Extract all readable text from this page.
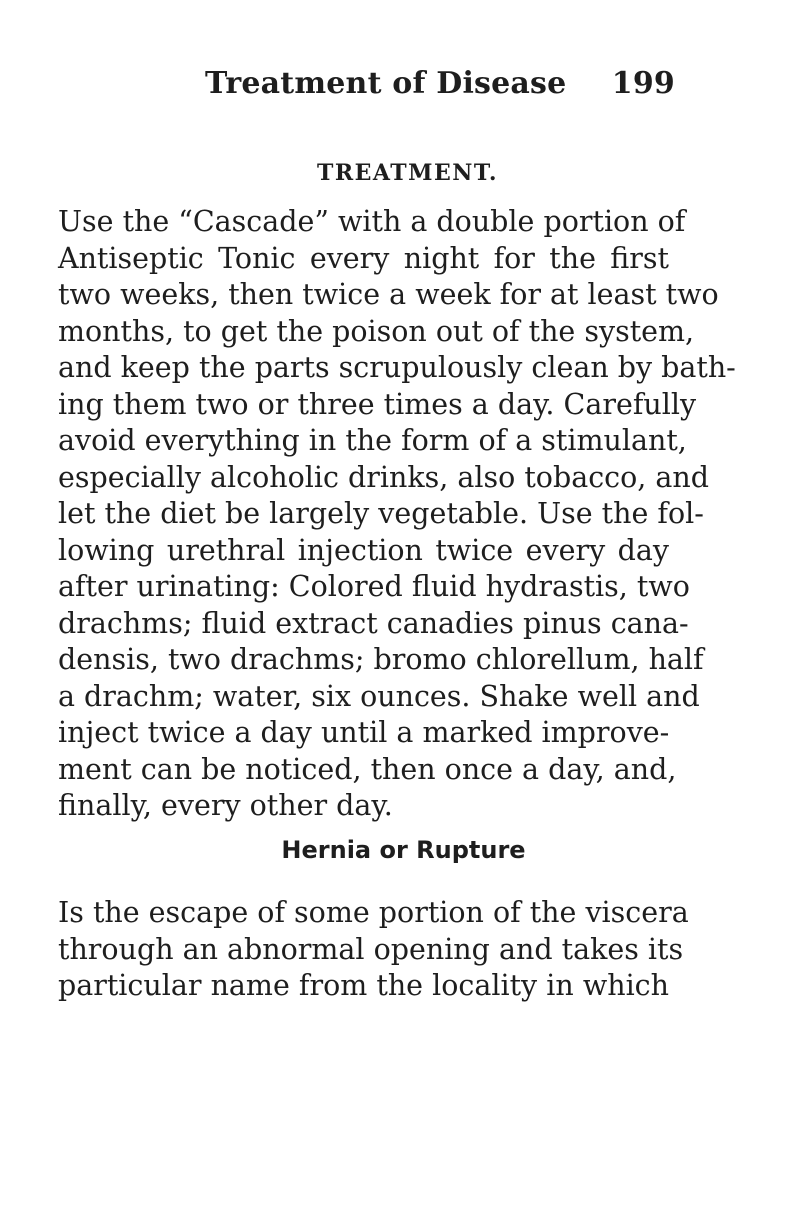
Treatment of Disease 199
TREATMENT.
Use the “Cascade” with a double portion of
Antiseptic Tonic every night for the first
two weeks, then twice a week for at least two
months, to get the poison out of the system,
and keep the parts scrupulously clean by bath-
ing them two or three times a day. Carefully
avoid everything in the form of a stimulant,
especially alcoholic drinks, also tobacco, and
let the diet be largely vegetable. Use the fol-
lowing urethral injection twice every day
after urinating: Colored fluid hydrastis, two
drachms; fluid extract canadies pinus cana-
densis, two drachms; bromo chlorellum, half
a drachm; water, six ounces. Shake well and
inject twice a day until a marked improve-
ment can be noticed, then once a day, and,
finally, every other day.
Hernia or Rupture
Is the escape of some portion of the viscera
through an abnormal opening and takes its
particular name from the locality in which
